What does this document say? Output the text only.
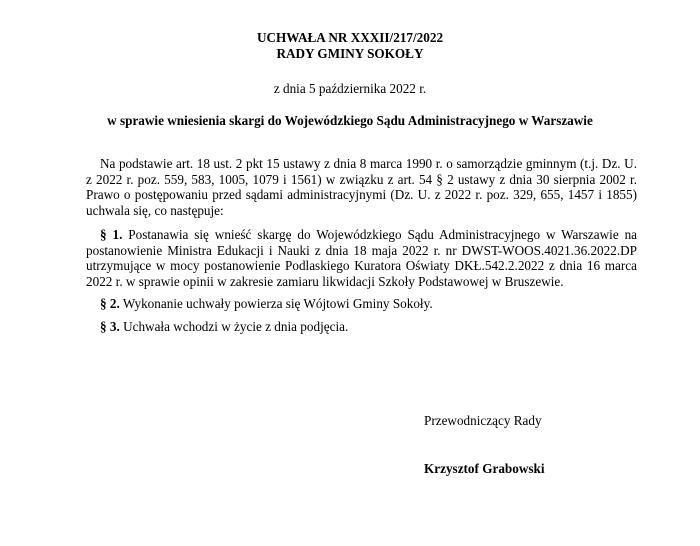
UCHWAŁA NR XXXII/217/2022
RADY GMINY SOKOŁY
z dnia 5 października 2022 r.
w sprawie wniesienia skargi do Wojewódzkiego Sądu Administracyjnego w Warszawie
Na podstawie art. 18 ust. 2 pkt 15 ustawy z dnia 8 marca 1990 r. o samorządzie gminnym (t.j. Dz. U. z 2022 r. poz. 559, 583, 1005, 1079 i 1561) w związku z art. 54 § 2 ustawy z dnia 30 sierpnia 2002 r. Prawo o postępowaniu przed sądami administracyjnymi (Dz. U. z 2022 r. poz. 329, 655, 1457 i 1855) uchwala się, co następuje:
§ 1. Postanawia się wnieść skargę do Wojewódzkiego Sądu Administracyjnego w Warszawie na postanowienie Ministra Edukacji i Nauki z dnia 18 maja 2022 r. nr DWST-WOOS.4021.36.2022.DP utrzymujące w mocy postanowienie Podlaskiego Kuratora Oświaty DKŁ.542.2.2022 z dnia 16 marca 2022 r. w sprawie opinii w zakresie zamiaru likwidacji Szkoły Podstawowej w Bruszewie.
§ 2. Wykonanie uchwały powierza się Wójtowi Gminy Sokoły.
§ 3. Uchwała wchodzi w życie z dnia podjęcia.
Przewodniczący Rady
Krzysztof Grabowski
